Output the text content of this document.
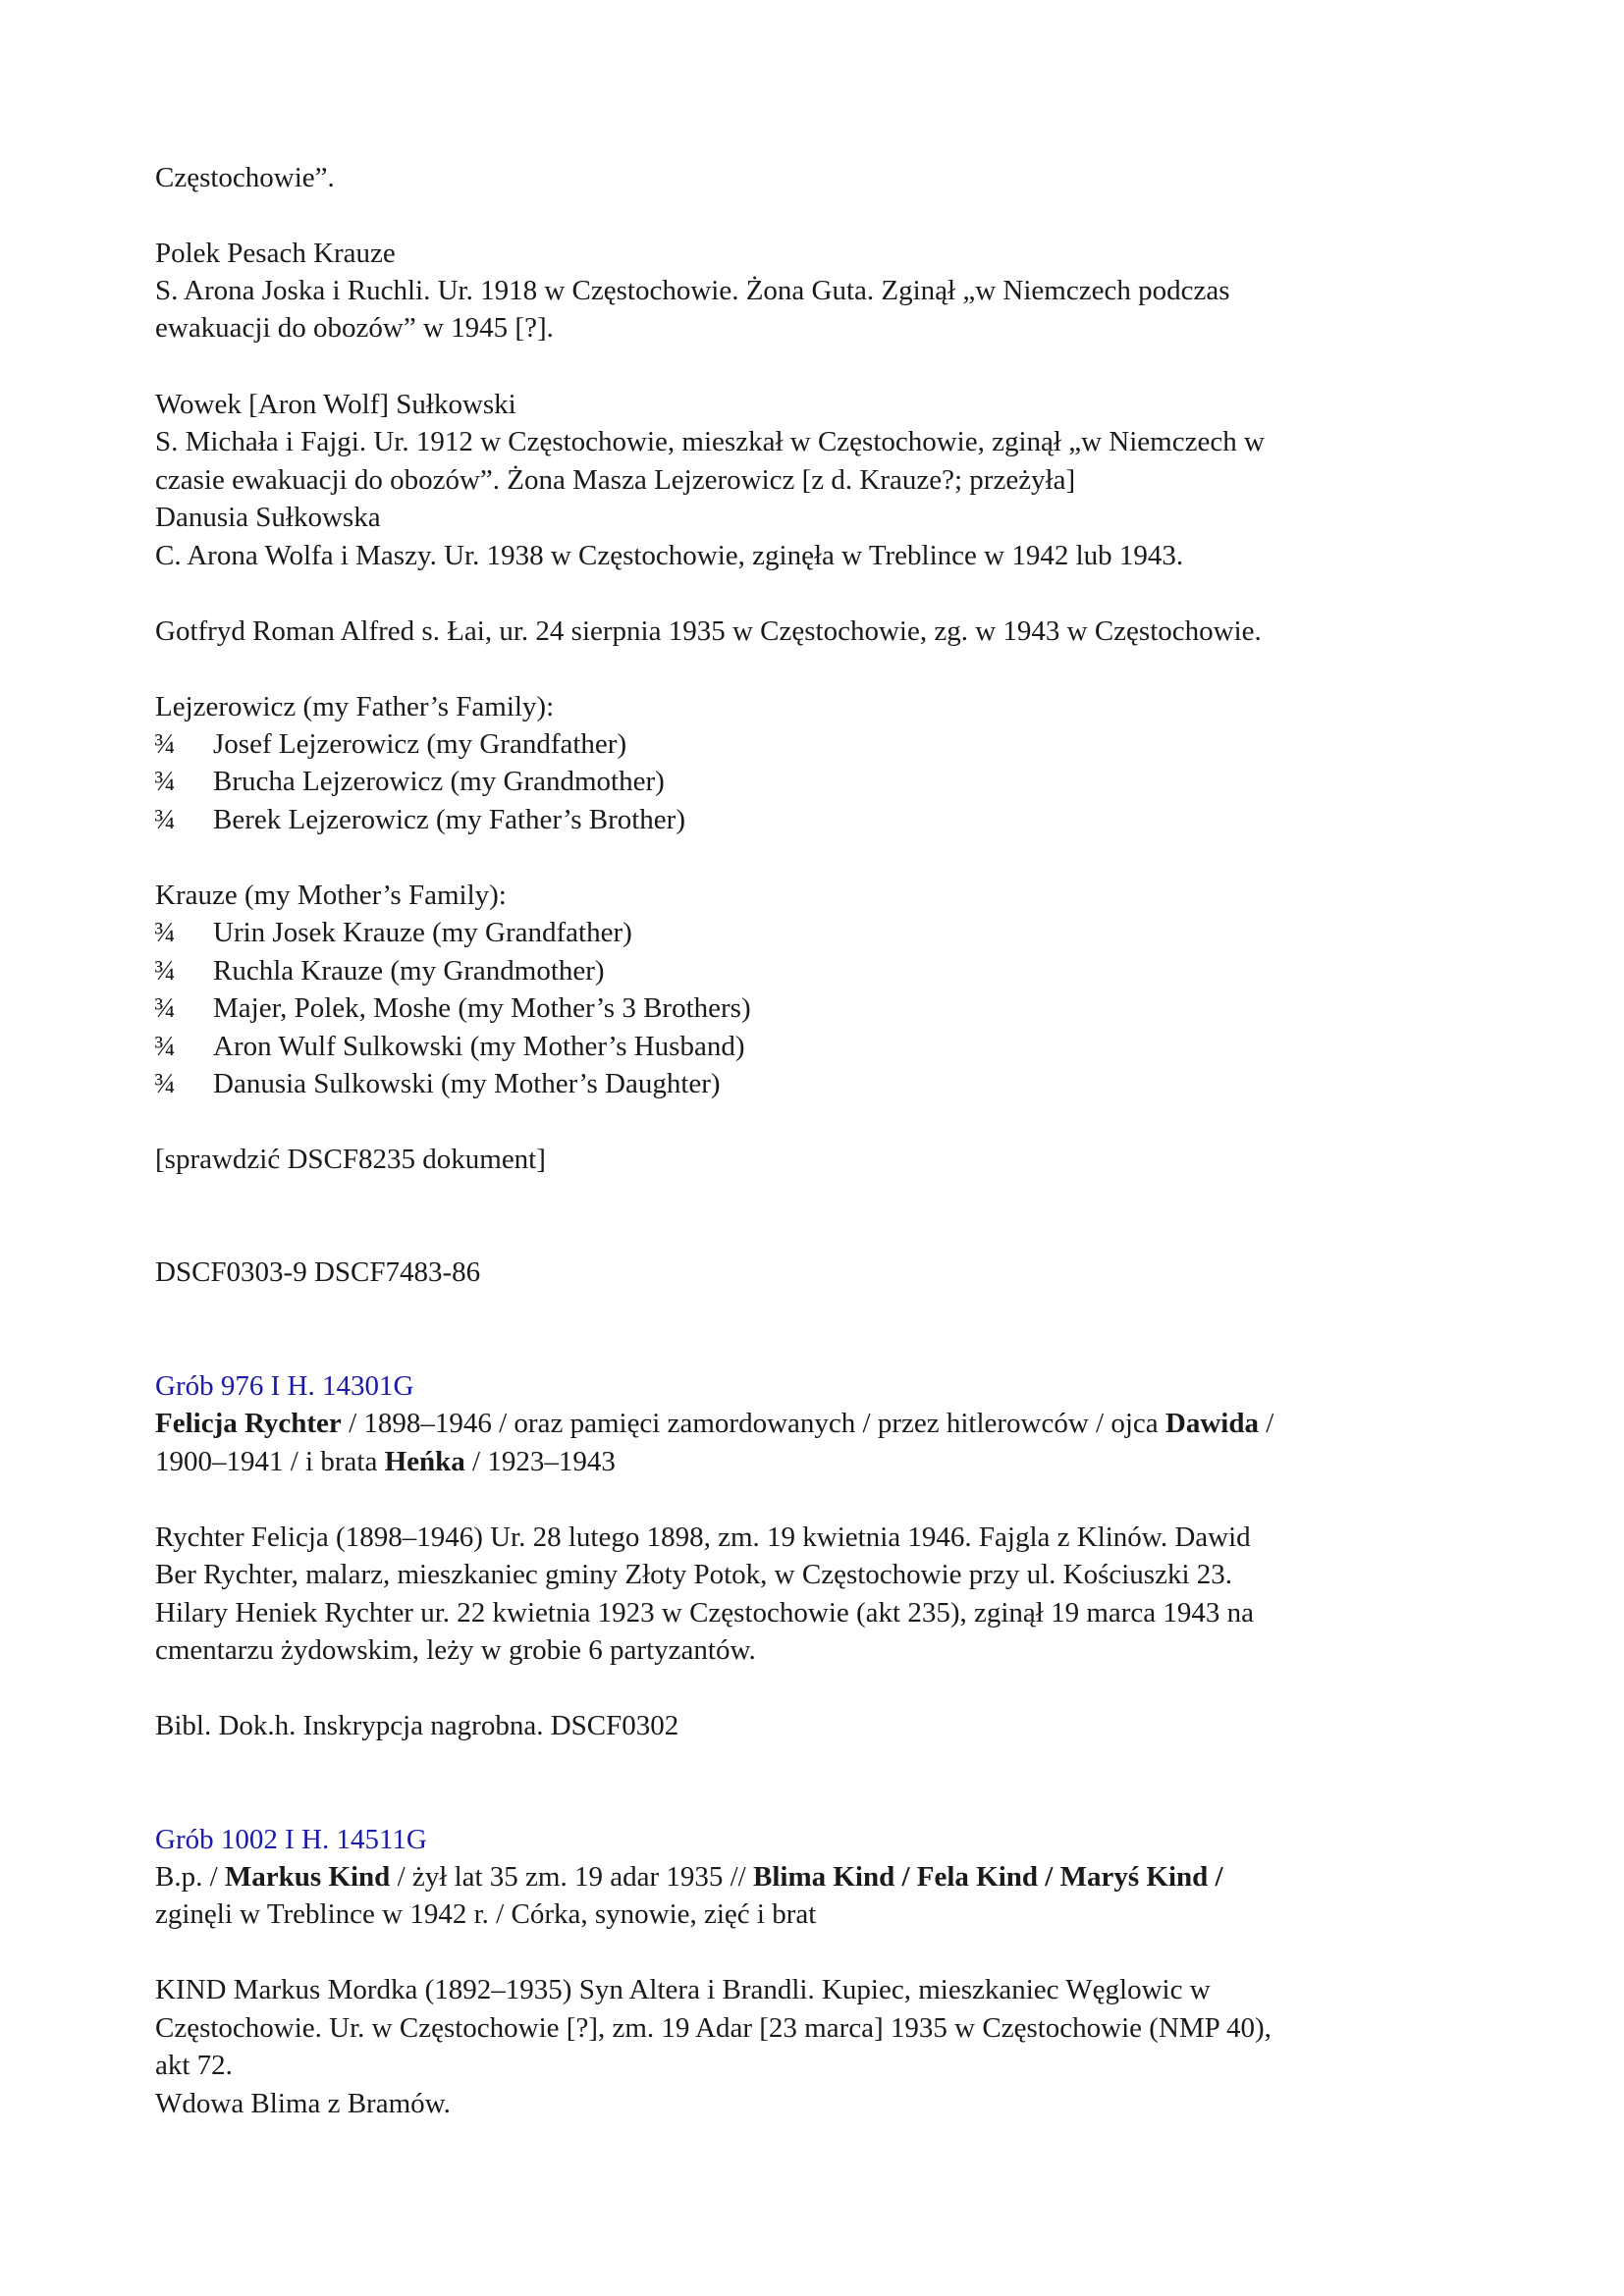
Częstochowie”.
Polek Pesach Krauze
S. Arona Joska i Ruchli. Ur. 1918 w Częstochowie. Żona Guta. Zginął „w Niemczech podczas
ewakuacji do obozów” w 1945 [?].
Wowek [Aron Wolf] Sułkowski
S. Michała i Fajgi. Ur. 1912 w Częstochowie, mieszkał w Częstochowie, zginął „w Niemczech w
czasie ewakuacji do obozów”. Żona Masza Lejzerowicz [z d. Krauze?; przeżyła]
Danusia Sułkowska
C. Arona Wolfa i Maszy. Ur. 1938 w Częstochowie, zginęła w Treblince w 1942 lub 1943.
Gotfryd Roman Alfred s. Łai, ur. 24 sierpnia 1935 w Częstochowie, zg. w 1943 w Częstochowie.
Lejzerowicz (my Father’s Family):
¾ Josef Lejzerowicz (my Grandfather)
¾ Brucha Lejzerowicz (my Grandmother)
¾ Berek Lejzerowicz (my Father’s Brother)
Krauze (my Mother’s Family):
¾ Urin Josek Krauze (my Grandfather)
¾ Ruchla Krauze (my Grandmother)
¾ Majer, Polek, Moshe (my Mother’s 3 Brothers)
¾ Aron Wulf Sulkowski (my Mother’s Husband)
¾ Danusia Sulkowski (my Mother’s Daughter)
[sprawdzić DSCF8235 dokument]
DSCF0303-9 DSCF7483-86
Grób 976 I H. 14301G
Felicja Rychter / 1898–1946 / oraz pamięci zamordowanych / przez hitlerowców / ojca Dawida /
1900–1941 / i brata Heńka / 1923–1943
Rychter Felicja (1898–1946) Ur. 28 lutego 1898, zm. 19 kwietnia 1946. Fajgla z Klinów. Dawid
Ber Rychter, malarz, mieszkaniec gminy Złoty Potok, w Częstochowie przy ul. Kościuszki 23.
Hilary Heniek Rychter ur. 22 kwietnia 1923 w Częstochowie (akt 235), zginął 19 marca 1943 na
cmentarzu żydowskim, leży w grobie 6 partyzantów.
Bibl. Dok.h. Inskrypcja nagrobna. DSCF0302
Grób 1002 I H. 14511G
B.p. / Markus Kind / żył lat 35 zm. 19 adar 1935 // Blima Kind / Fela Kind / Maryś Kind /
zginęli w Treblince w 1942 r. / Córka, synowie, zięć i brat
KIND Markus Mordka (1892–1935) Syn Altera i Brandli. Kupiec, mieszkaniec Węglowic w
Częstochowie. Ur. w Częstochowie [?], zm. 19 Adar [23 marca] 1935 w Częstochowie (NMP 40),
akt 72.
Wdowa Blima z Bramów.
